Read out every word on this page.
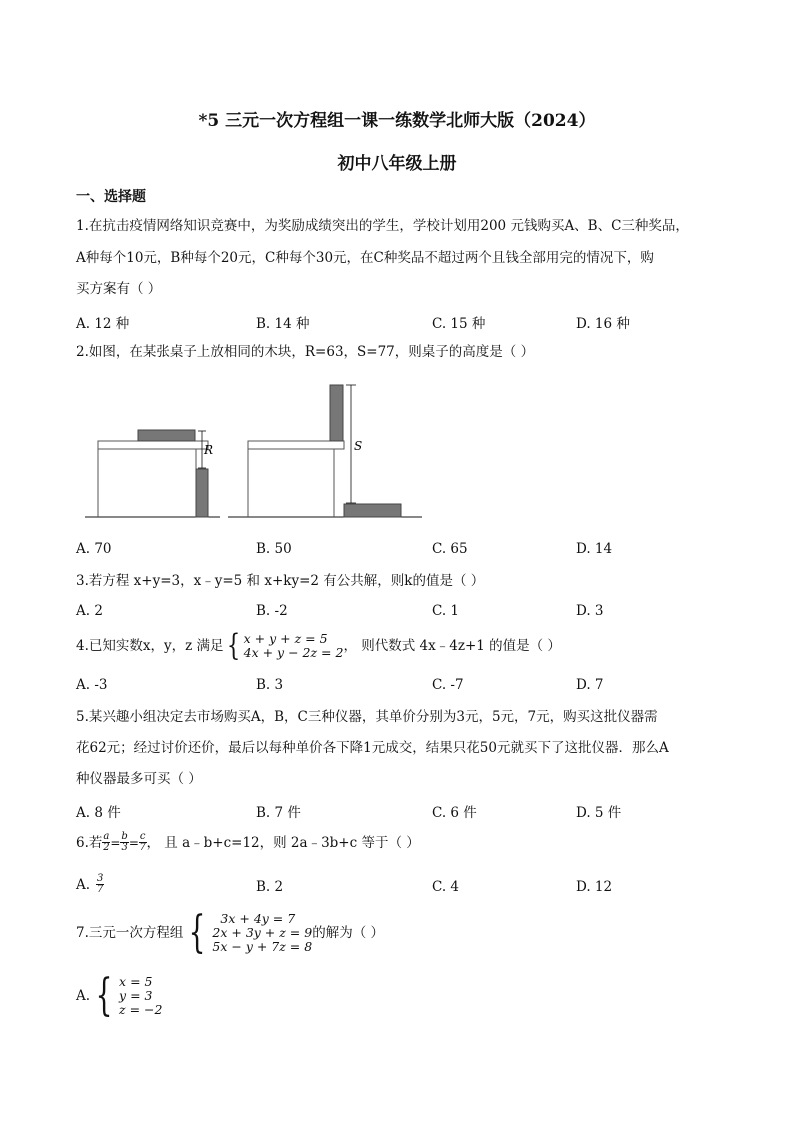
*5 三元一次方程组一课一练数学北师大版（2024）
初中八年级上册
一、选择题
1.在抗击疫情网络知识竞赛中，为奖励成绩突出的学生，学校计划用200 元钱购买A、B、C三种奖品，
A种每个10元，B种每个20元，C种每个30元，在C种奖品不超过两个且钱全部用完的情况下，购
买方案有（ ）
A. 12 种	B. 14 种	C. 15 种	D. 16 种
2.如图，在某张桌子上放相同的木块，R=63，S=77，则桌子的高度是（ ）
R	S
A. 70	B. 50	C. 65	D. 14
3.若方程 x+y=3，x﹣y=5 和 x+ky=2 有公共解，则k的值是（ ）
A. 2	B. -2	C. 1	D. 3
4.已知实数x，y，z 满足 { x + y + z = 5
4x + y − 2z = 2 ， 则代数式 4x﹣4z+1 的值是（ ）
A. -3	B. 3	C. -7	D. 7
5.某兴趣小组决定去市场购买A，B，C三种仪器，其单价分别为3元，5元，7元，购买这批仪器需
花62元；经过讨价还价，最后以每种单价各下降1元成交，结果只花50元就买下了这批仪器．那么A
种仪器最多可买（ ）
A. 8 件	B. 7 件	C. 6 件	D. 5 件
6.若 $\frac{a}{2} = \frac{b}{3} = \frac{c}{7}$ ， 且 a﹣b+c=12，则 2a﹣3b+c 等于（ ）
A. $\frac{3}{7}$	B. 2	C. 4	D. 12
7.三元一次方程组 {	3x + 4y = 7
2x + 3y + z = 9
5x − y + 7z = 8
的解为（ ）
A. { x = 5
y = 3
z = −2
